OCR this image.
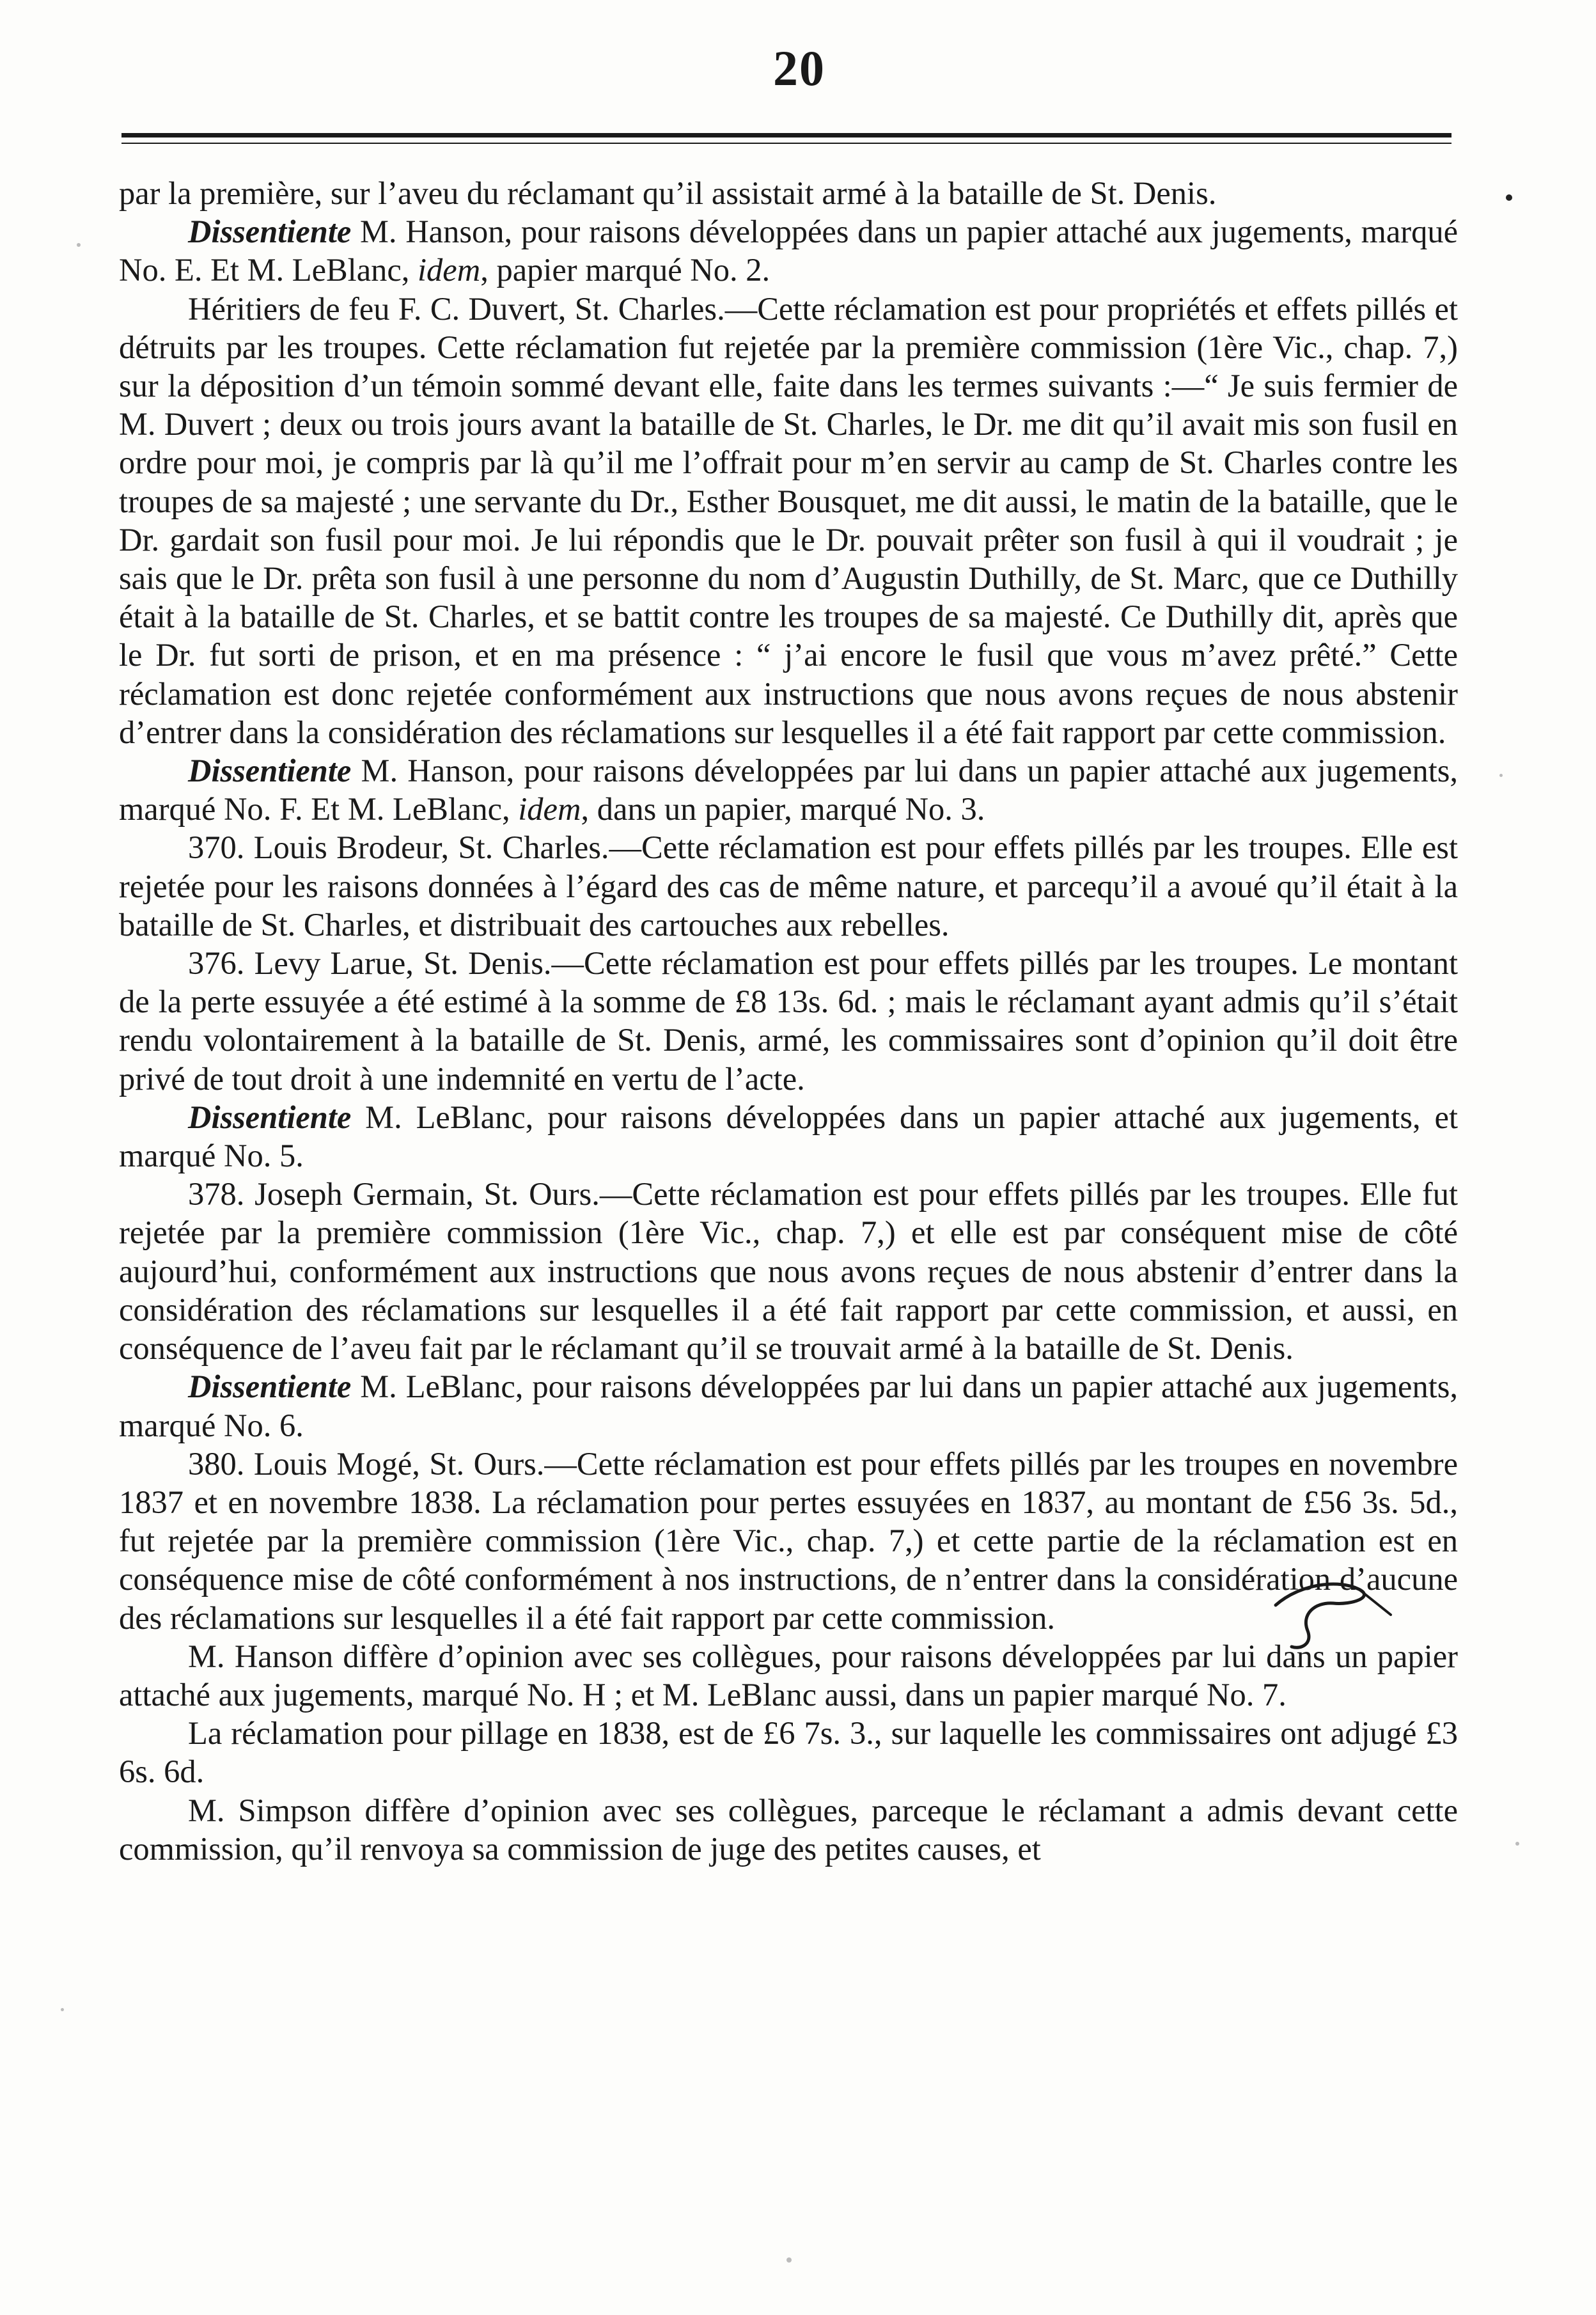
20

par la première, sur l’aveu du réclamant qu’il assistait armé à la bataille de St. Denis.

Dissentiente M. Hanson, pour raisons développées dans un papier attaché aux jugements, marqué No. E. Et M. LeBlanc, idem, papier marqué No. 2.

Héritiers de feu F. C. Duvert, St. Charles.—Cette réclamation est pour propriétés et effets pillés et détruits par les troupes. Cette réclamation fut rejetée par la première commission (1ère Vic., chap. 7,) sur la déposition d’un témoin sommé devant elle, faite dans les termes suivants :—“ Je suis fermier de M. Duvert ; deux ou trois jours avant la bataille de St. Charles, le Dr. me dit qu’il avait mis son fusil en ordre pour moi, je compris par là qu’il me l’offrait pour m’en servir au camp de St. Charles contre les troupes de sa majesté ; une servante du Dr., Esther Bousquet, me dit aussi, le matin de la bataille, que le Dr. gardait son fusil pour moi. Je lui répondis que le Dr. pouvait prêter son fusil à qui il voudrait ; je sais que le Dr. prêta son fusil à une personne du nom d’Augustin Duthilly, de St. Marc, que ce Duthilly était à la bataille de St. Charles, et se battit contre les troupes de sa majesté. Ce Duthilly dit, après que le Dr. fut sorti de prison, et en ma présence : “ j’ai encore le fusil que vous m’avez prêté.” Cette réclamation est donc rejetée conformément aux instructions que nous avons reçues de nous abstenir d’entrer dans la considération des réclamations sur lesquelles il a été fait rapport par cette commission.

Dissentiente M. Hanson, pour raisons développées par lui dans un papier attaché aux jugements, marqué No. F. Et M. LeBlanc, idem, dans un papier, marqué No. 3.

370. Louis Brodeur, St. Charles.—Cette réclamation est pour effets pillés par les troupes. Elle est rejetée pour les raisons données à l’égard des cas de même nature, et parcequ’il a avoué qu’il était à la bataille de St. Charles, et distribuait des cartouches aux rebelles.

376. Levy Larue, St. Denis.—Cette réclamation est pour effets pillés par les troupes. Le montant de la perte essuyée a été estimé à la somme de £8 13s. 6d. ; mais le réclamant ayant admis qu’il s’était rendu volontairement à la bataille de St. Denis, armé, les commissaires sont d’opinion qu’il doit être privé de tout droit à une indemnité en vertu de l’acte.

Dissentiente M. LeBlanc, pour raisons développées dans un papier attaché aux jugements, et marqué No. 5.

378. Joseph Germain, St. Ours.—Cette réclamation est pour effets pillés par les troupes. Elle fut rejetée par la première commission (1ère Vic., chap. 7,) et elle est par conséquent mise de côté aujourd’hui, conformément aux instructions que nous avons reçues de nous abstenir d’entrer dans la considération des réclamations sur lesquelles il a été fait rapport par cette commission, et aussi, en conséquence de l’aveu fait par le réclamant qu’il se trouvait armé à la bataille de St. Denis.

Dissentiente M. LeBlanc, pour raisons développées par lui dans un papier attaché aux jugements, marqué No. 6.

380. Louis Mogé, St. Ours.—Cette réclamation est pour effets pillés par les troupes en novembre 1837 et en novembre 1838. La réclamation pour pertes essuyées en 1837, au montant de £56 3s. 5d., fut rejetée par la première commission (1ère Vic., chap. 7,) et cette partie de la réclamation est en conséquence mise de côté conformément à nos instructions, de n’entrer dans la considération d’aucune des réclamations sur lesquelles il a été fait rapport par cette commission.

M. Hanson diffère d’opinion avec ses collègues, pour raisons développées par lui dans un papier attaché aux jugements, marqué No. H ; et M. LeBlanc aussi, dans un papier marqué No. 7.

La réclamation pour pillage en 1838, est de £6 7s. 3., sur laquelle les commissaires ont adjugé £3 6s. 6d.

M. Simpson diffère d’opinion avec ses collègues, parceque le réclamant a admis devant cette commission, qu’il renvoya sa commission de juge des petites causes, et
